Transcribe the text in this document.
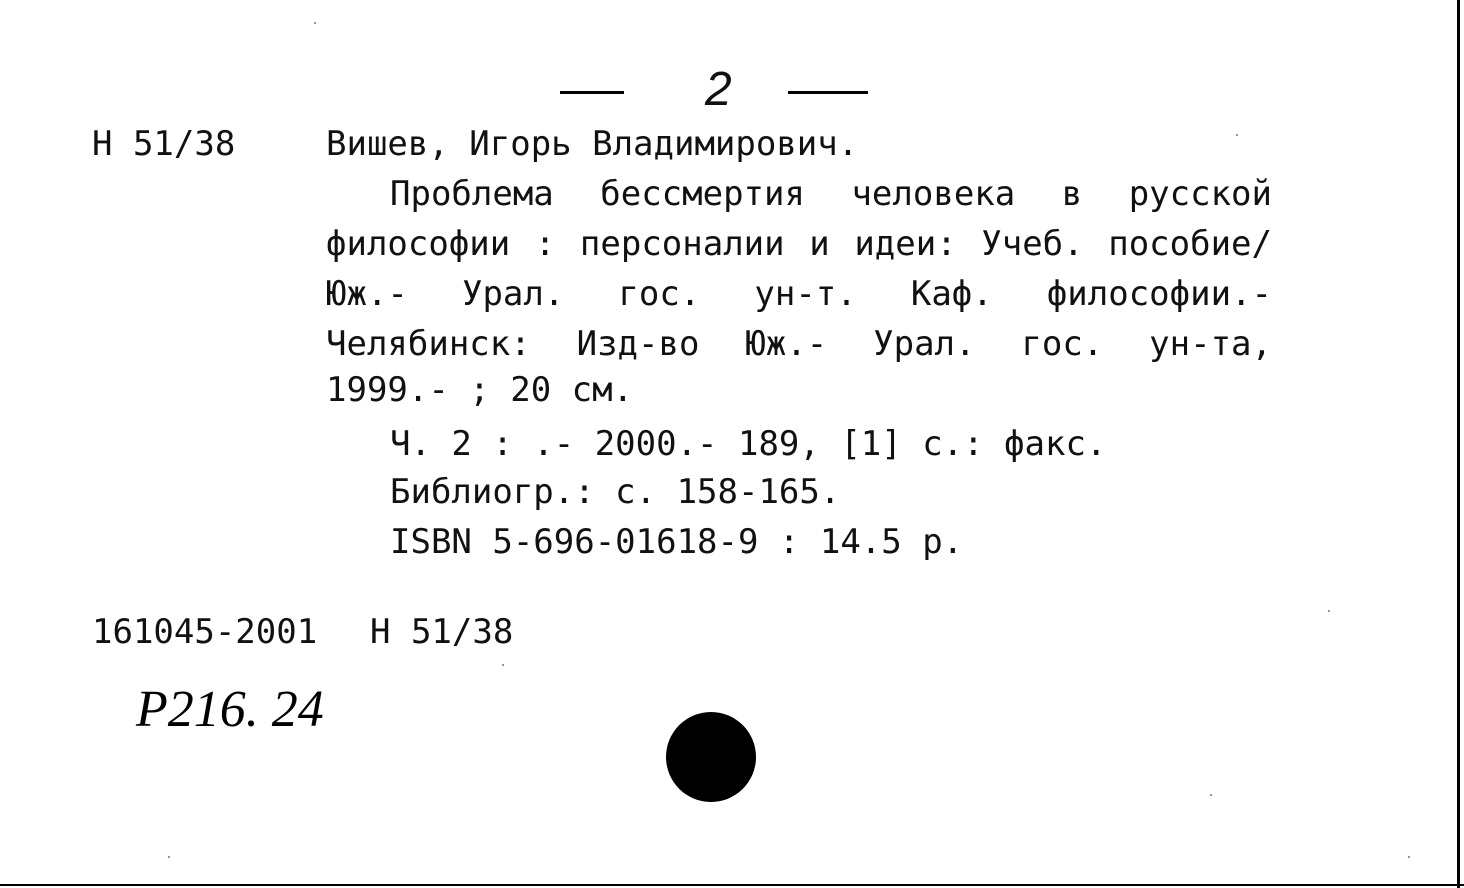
2
Н 51/38	Вишев, Игорь Владимирович.
Проблема бессмертия человека в русской
философии : персоналии и идеи: Учеб. пособие/
Юж.- Урал. гос. ун-т. Каф. философии.-
Челябинск: Изд-во Юж.- Урал. гос. ун-та,
1999.- ; 20 см.
Ч. 2 : .- 2000.- 189, [1] с.: факс.
Библиогр.: с. 158-165.
ISBN 5-696-01618-9 : 14.5 р.
161045-2001 Н 51/38
Р216. 24
